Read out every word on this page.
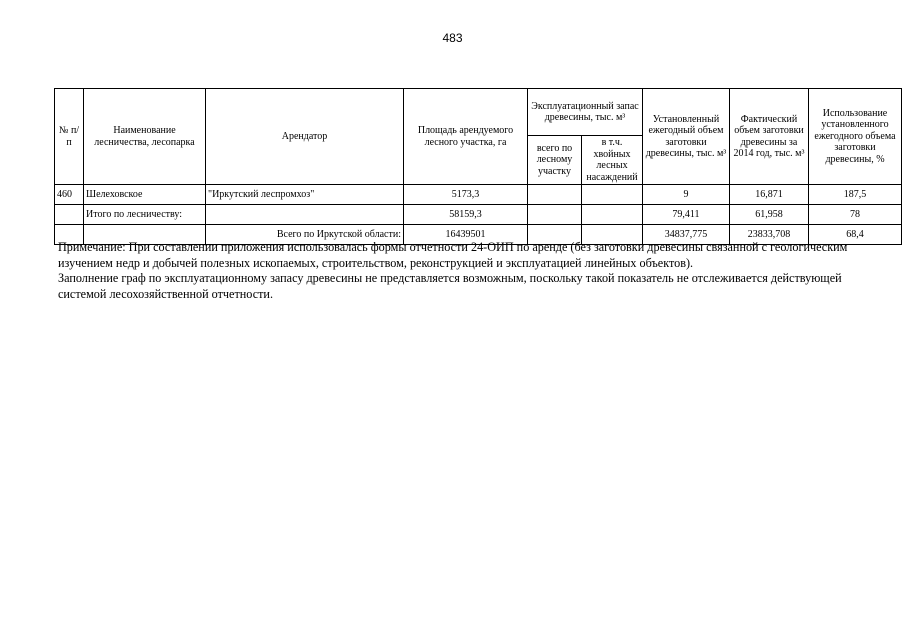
483
№ п/п	Наименование лесничества, лесопарка	Арендатор	Площадь арендуемого лесного участка, га	Эксплуатационный запас древесины, тыс. м³		Установленный ежегодный объем заготовки древесины, тыс. м³	Фактический объем заготовки древесины за 2014 год, тыс. м³	Использование установленного ежегодного объема заготовки древесины, %
				всего по лесному участку	в т.ч. хвойных лесных насаждений			
460	Шелеховское	"Иркутский леспромхоз"	5173,3			9	16,871	187,5
	Итого по лесничеству:		58159,3			79,411	61,958	78
		Всего по Иркутской области:	16439501			34837,775	23833,708	68,4

Примечание: При составлении приложения использовалась формы отчетности 24-ОИП по аренде (без заготовки древесины связанной с геологическим изучением недр и добычей полезных ископаемых, строительством, реконструкцией и эксплуатацией линейных объектов).

Заполнение граф по эксплуатационному запасу древесины не представляется возможным, поскольку такой показатель не отслеживается действующей системой лесохозяйственной отчетности.
